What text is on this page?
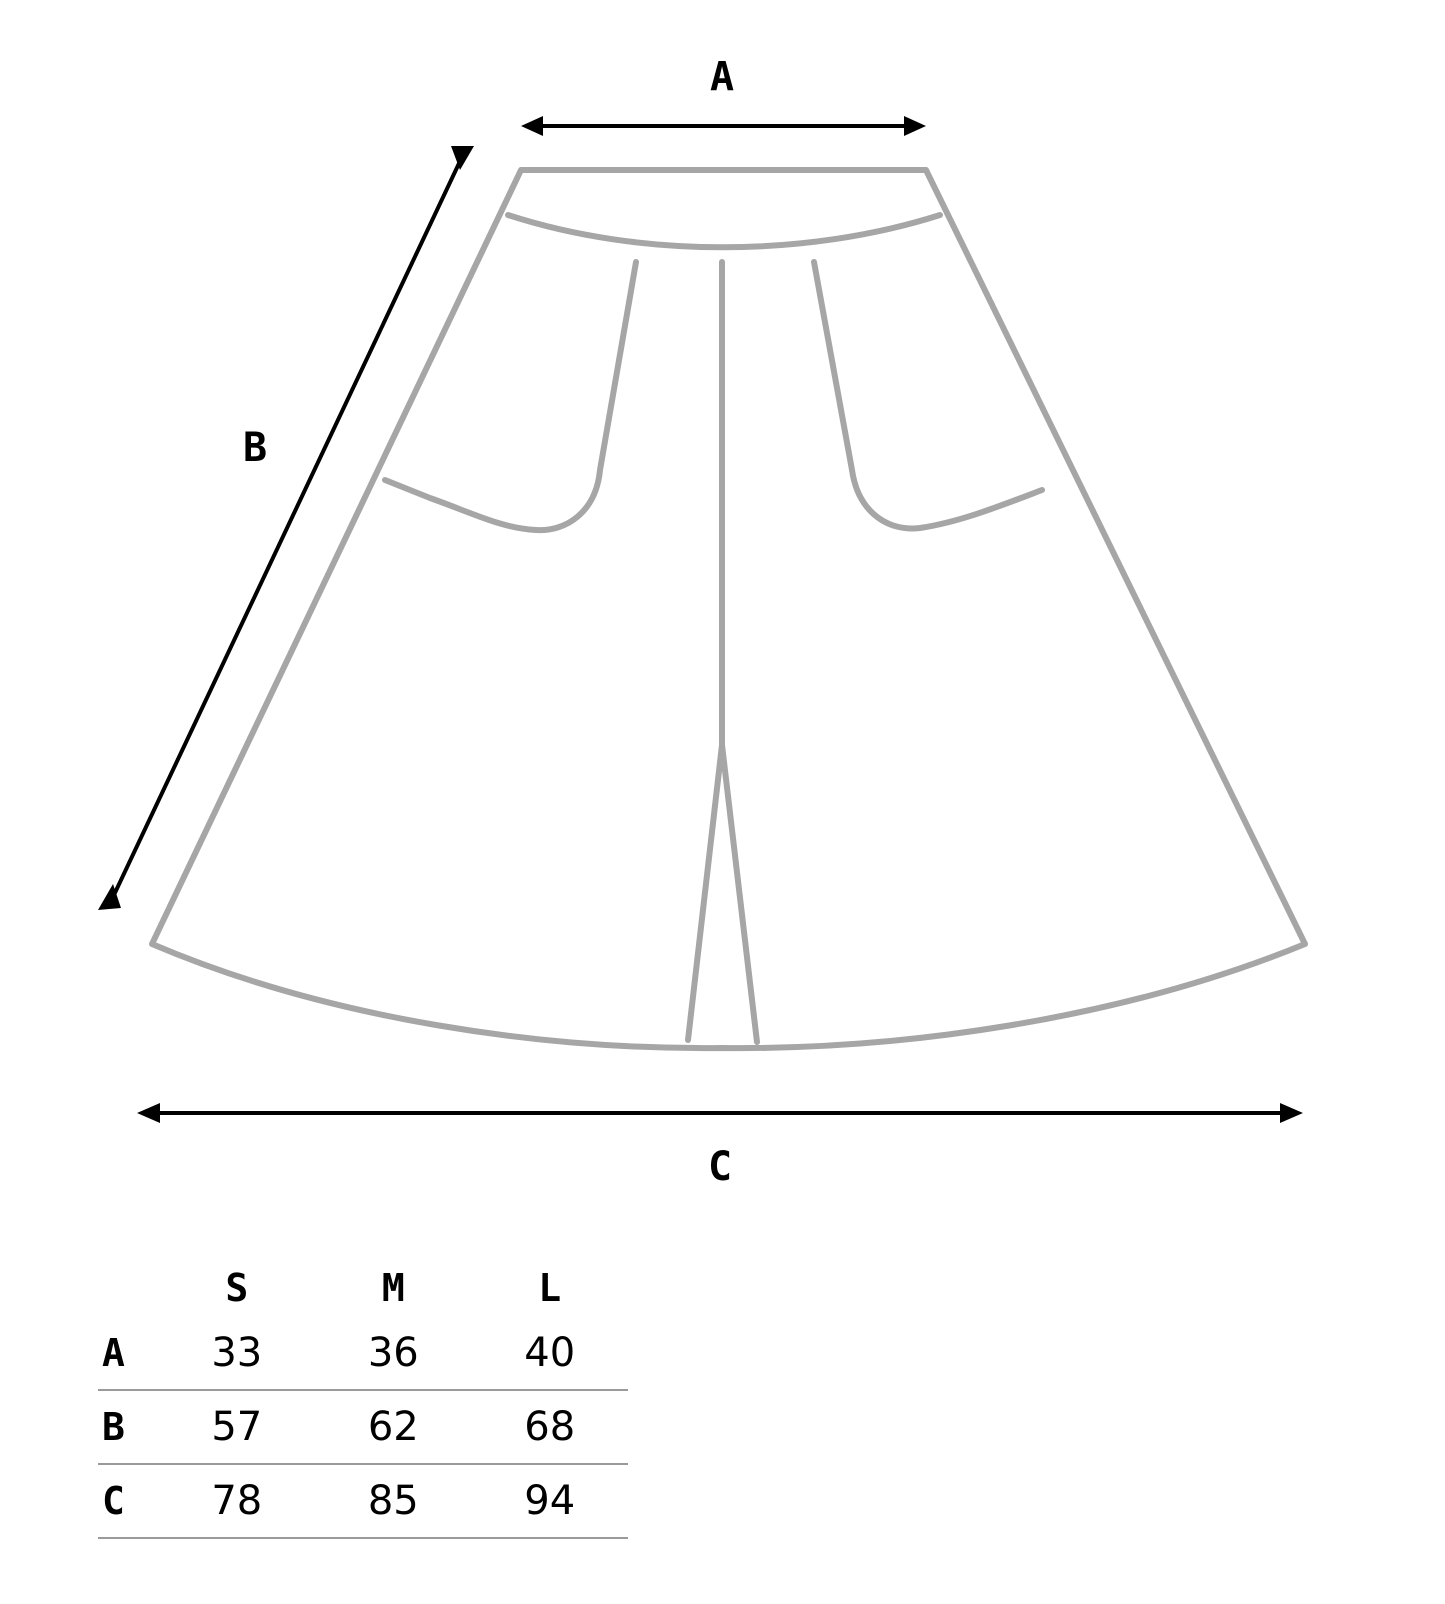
A
B
C
	S	M	L
A	33	36	40
B	57	62	68
C	78	85	94
